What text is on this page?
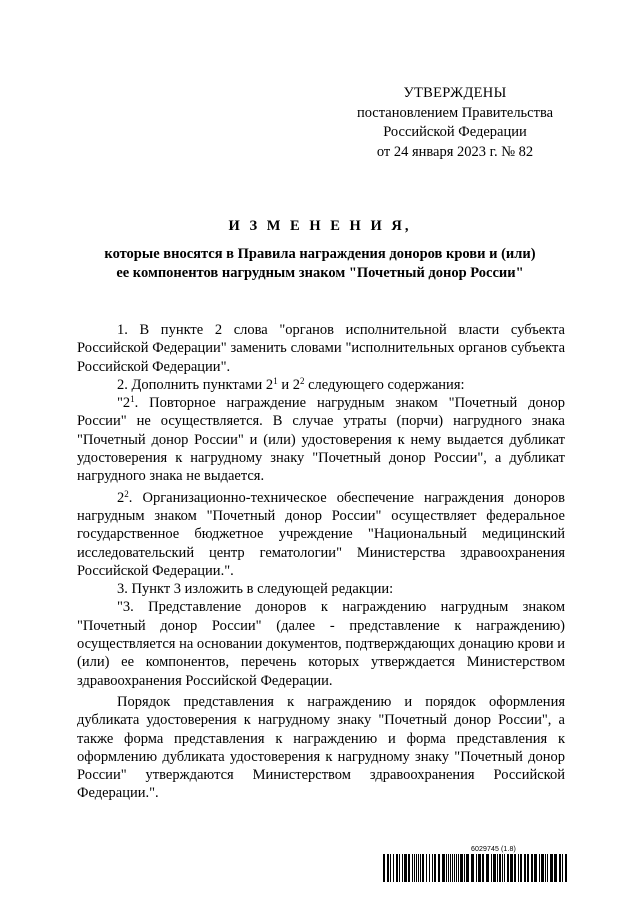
УТВЕРЖДЕНЫ
постановлением Правительства
Российской Федерации
от 24 января 2023 г. № 82
И З М Е Н Е Н И Я,
которые вносятся в Правила награждения доноров крови и (или)
ее компонентов нагрудным знаком "Почетный донор России"

1. В пункте 2 слова "органов исполнительной власти субъекта Российской Федерации" заменить словами "исполнительных органов субъекта Российской Федерации".

2. Дополнить пунктами $2^1$ и $2^2$ следующего содержания:

"$2^1$. Повторное награждение нагрудным знаком "Почетный донор России" не осуществляется. В случае утраты (порчи) нагрудного знака "Почетный донор России" и (или) удостоверения к нему выдается дубликат удостоверения к нагрудному знаку "Почетный донор России", а дубликат нагрудного знака не выдается.

$2^2$. Организационно-техническое обеспечение награждения доноров нагрудным знаком "Почетный донор России" осуществляет федеральное государственное бюджетное учреждение "Национальный медицинский исследовательский центр гематологии" Министерства здравоохранения Российской Федерации.".

3. Пункт 3 изложить в следующей редакции:

"3. Представление доноров к награждению нагрудным знаком "Почетный донор России" (далее - представление к награждению) осуществляется на основании документов, подтверждающих донацию крови и (или) ее компонентов, перечень которых утверждается Министерством здравоохранения Российской Федерации.

Порядок представления к награждению и порядок оформления дубликата удостоверения к нагрудному знаку "Почетный донор России", а также форма представления к награждению и форма представления к оформлению дубликата удостоверения к нагрудному знаку "Почетный донор России" утверждаются Министерством здравоохранения Российской Федерации.".

6029745 (1.8)
